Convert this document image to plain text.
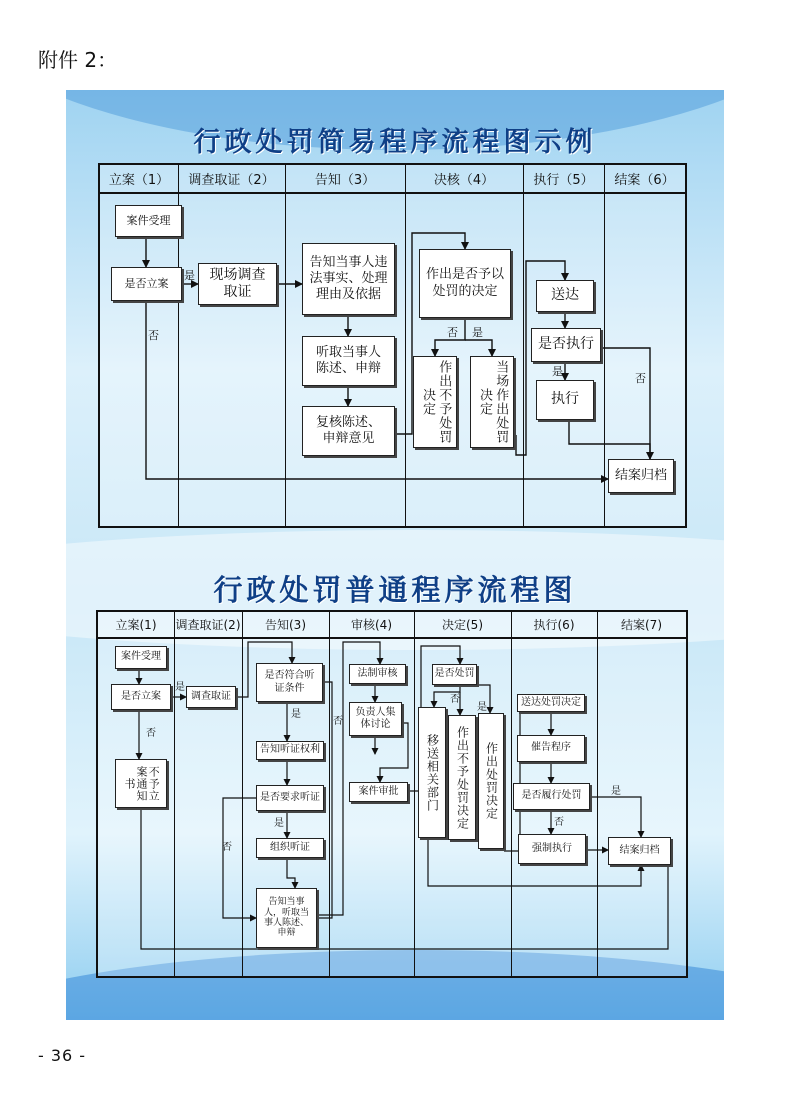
附件 2：
行政处罚简易程序流程图示例
立案（1）	调查取证（2）	告知（3）	决核（4）	执行（5）	结案（6）
案件受理
是否立案
是
否
现场调查取证
告知当事人违法事实、处理理由及依据
听取当事人陈述、申辩
复核陈述、申辩意见
作出是否予以处罚的决定
否 是
作出不予处罚决定	当场作出处罚决定
送达
是否执行
是
否
执行
结案归档
行政处罚普通程序流程图
立案(1)	调查取证(2)	告知(3)	审核(4)	决定(5)	执行(6)	结案(7)
案件受理
是否立案
是
否
不予立案通知书
调查取证
是否符合听证条件
是
告知听证权利
是否要求听证
是
否	组织听证
告知当事人，听取当事人陈述、申辩
否
法制审核
负责人集体讨论
案件审批
是否处罚
否
是
移送相关部门	作出不予处罚决定	作出处罚决定
送达处罚决定
催告程序
是否履行处罚
否
是
强制执行	结案归档
- 36 -
